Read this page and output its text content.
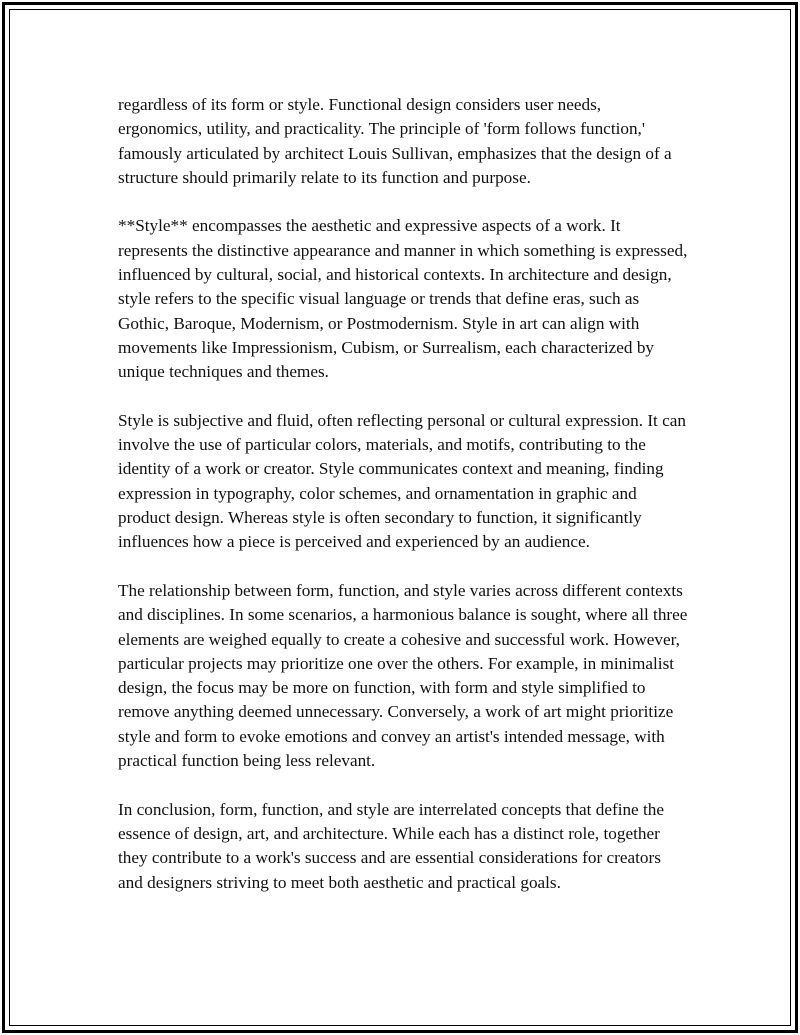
regardless of its form or style. Functional design considers user needs, ergonomics, utility, and practicality. The principle of 'form follows function,' famously articulated by architect Louis Sullivan, emphasizes that the design of a structure should primarily relate to its function and purpose.

**Style** encompasses the aesthetic and expressive aspects of a work. It represents the distinctive appearance and manner in which something is expressed, influenced by cultural, social, and historical contexts. In architecture and design, style refers to the specific visual language or trends that define eras, such as Gothic, Baroque, Modernism, or Postmodernism. Style in art can align with movements like Impressionism, Cubism, or Surrealism, each characterized by unique techniques and themes.

Style is subjective and fluid, often reflecting personal or cultural expression. It can involve the use of particular colors, materials, and motifs, contributing to the identity of a work or creator. Style communicates context and meaning, finding expression in typography, color schemes, and ornamentation in graphic and product design. Whereas style is often secondary to function, it significantly influences how a piece is perceived and experienced by an audience.

The relationship between form, function, and style varies across different contexts and disciplines. In some scenarios, a harmonious balance is sought, where all three elements are weighed equally to create a cohesive and successful work. However, particular projects may prioritize one over the others. For example, in minimalist design, the focus may be more on function, with form and style simplified to remove anything deemed unnecessary. Conversely, a work of art might prioritize style and form to evoke emotions and convey an artist's intended message, with practical function being less relevant.

In conclusion, form, function, and style are interrelated concepts that define the essence of design, art, and architecture. While each has a distinct role, together they contribute to a work's success and are essential considerations for creators and designers striving to meet both aesthetic and practical goals.
